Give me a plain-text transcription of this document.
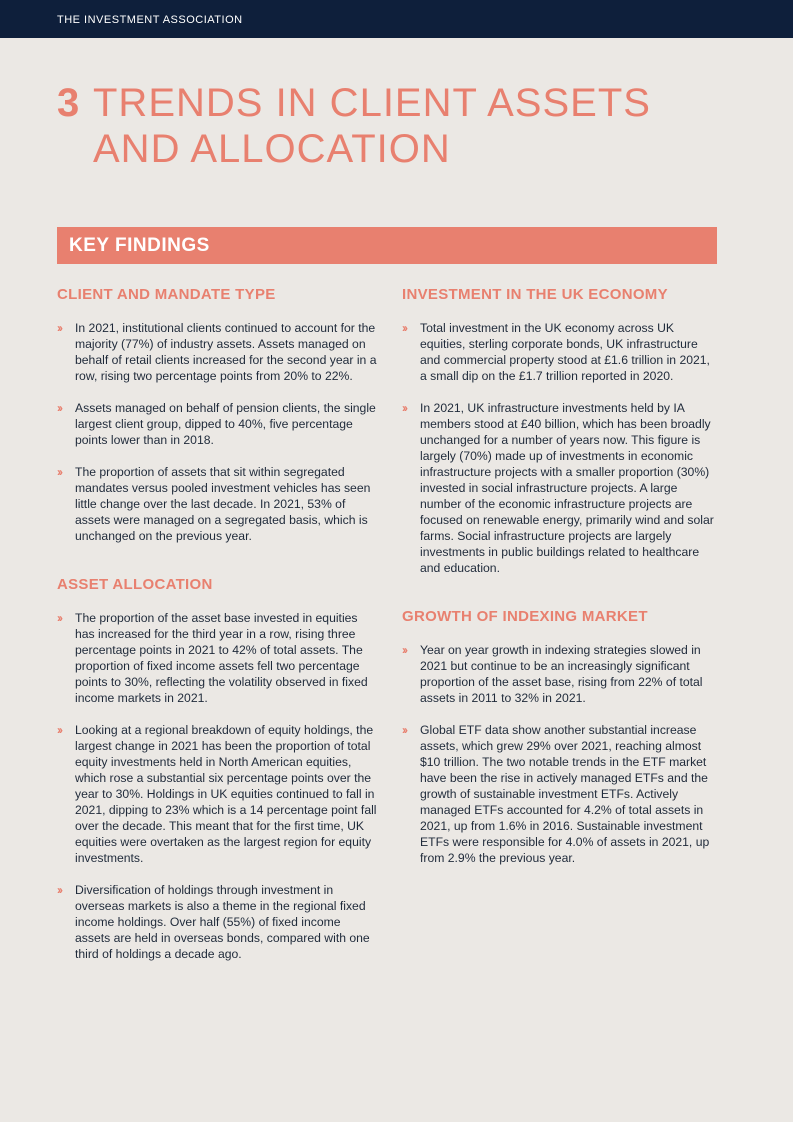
THE INVESTMENT ASSOCIATION
3 TRENDS IN CLIENT ASSETS
AND ALLOCATION
KEY FINDINGS
CLIENT AND MANDATE TYPE
›› In 2021, institutional clients continued to account for the majority (77%) of industry assets. Assets managed on behalf of retail clients increased for the second year in a row, rising two percentage points from 20% to 22%.
›› Assets managed on behalf of pension clients, the single largest client group, dipped to 40%, five percentage points lower than in 2018.
›› The proportion of assets that sit within segregated mandates versus pooled investment vehicles has seen little change over the last decade. In 2021, 53% of assets were managed on a segregated basis, which is unchanged on the previous year.
ASSET ALLOCATION
›› The proportion of the asset base invested in equities has increased for the third year in a row, rising three percentage points in 2021 to 42% of total assets. The proportion of fixed income assets fell two percentage points to 30%, reflecting the volatility observed in fixed income markets in 2021.
›› Looking at a regional breakdown of equity holdings, the largest change in 2021 has been the proportion of total equity investments held in North American equities, which rose a substantial six percentage points over the year to 30%. Holdings in UK equities continued to fall in 2021, dipping to 23% which is a 14 percentage point fall over the decade. This meant that for the first time, UK equities were overtaken as the largest region for equity investments.
›› Diversification of holdings through investment in overseas markets is also a theme in the regional fixed income holdings. Over half (55%) of fixed income assets are held in overseas bonds, compared with one third of holdings a decade ago.
INVESTMENT IN THE UK ECONOMY
›› Total investment in the UK economy across UK equities, sterling corporate bonds, UK infrastructure and commercial property stood at £1.6 trillion in 2021, a small dip on the £1.7 trillion reported in 2020.
›› In 2021, UK infrastructure investments held by IA members stood at £40 billion, which has been broadly unchanged for a number of years now. This figure is largely (70%) made up of investments in economic infrastructure projects with a smaller proportion (30%) invested in social infrastructure projects. A large number of the economic infrastructure projects are focused on renewable energy, primarily wind and solar farms. Social infrastructure projects are largely investments in public buildings related to healthcare and education.
GROWTH OF INDEXING MARKET
›› Year on year growth in indexing strategies slowed in 2021 but continue to be an increasingly significant proportion of the asset base, rising from 22% of total assets in 2011 to 32% in 2021.
›› Global ETF data show another substantial increase assets, which grew 29% over 2021, reaching almost $10 trillion. The two notable trends in the ETF market have been the rise in actively managed ETFs and the growth of sustainable investment ETFs. Actively managed ETFs accounted for 4.2% of total assets in 2021, up from 1.6% in 2016. Sustainable investment ETFs were responsible for 4.0% of assets in 2021, up from 2.9% the previous year.
